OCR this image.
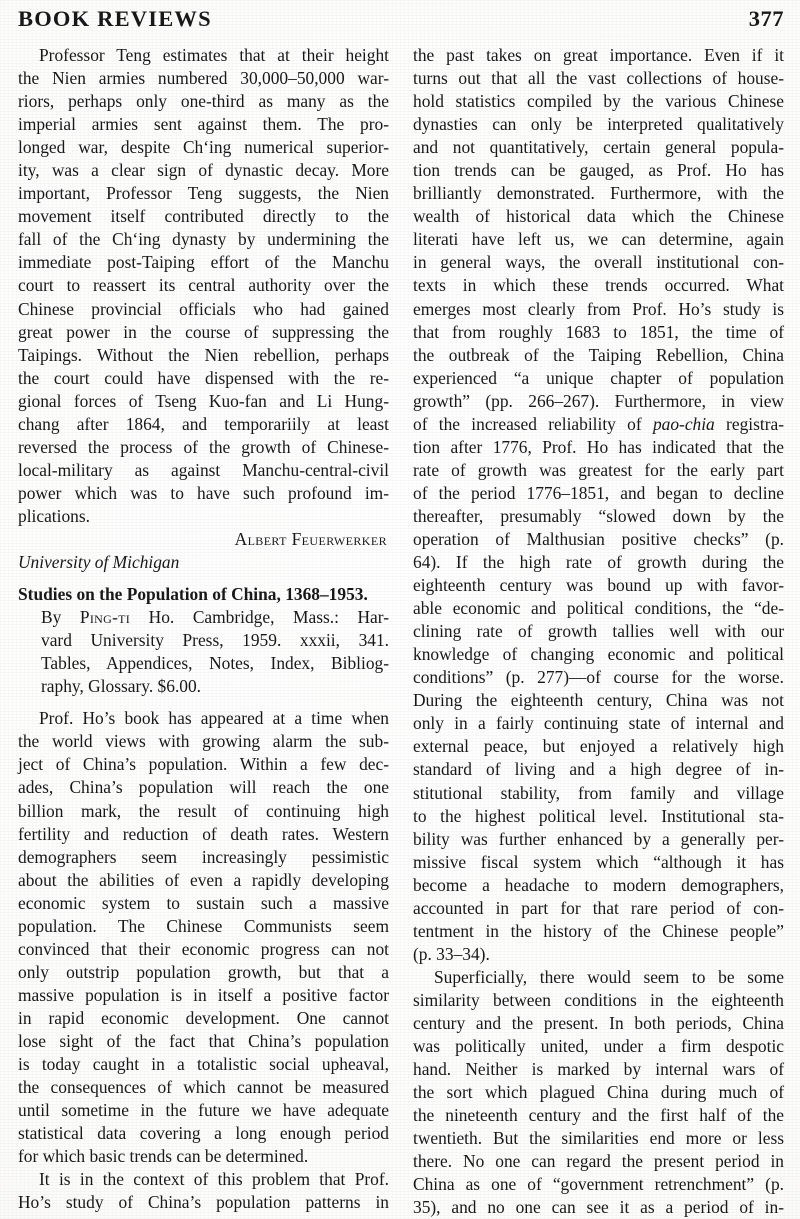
BOOK REVIEWS	377
Professor Teng estimates that at their height
the Nien armies numbered 30,000–50,000 war-
riors, perhaps only one-third as many as the
imperial armies sent against them. The pro-
longed war, despite Ch‘ing numerical superior-
ity, was a clear sign of dynastic decay. More
important, Professor Teng suggests, the Nien
movement itself contributed directly to the
fall of the Ch‘ing dynasty by undermining the
immediate post-Taiping effort of the Manchu
court to reassert its central authority over the
Chinese provincial officials who had gained
great power in the course of suppressing the
Taipings. Without the Nien rebellion, perhaps
the court could have dispensed with the re-
gional forces of Tseng Kuo-fan and Li Hung-
chang after 1864, and temporariily at least
reversed the process of the growth of Chinese-
local-military as against Manchu-central-civil
power which was to have such profound im-
plications.
Albert Feuerwerker
University of Michigan
Studies on the Population of China, 1368–1953.
By Ping-ti Ho. Cambridge, Mass.: Har-
vard University Press, 1959. xxxii, 341.
Tables, Appendices, Notes, Index, Bibliog-
raphy, Glossary. $6.00.
Prof. Ho’s book has appeared at a time when
the world views with growing alarm the sub-
ject of China’s population. Within a few dec-
ades, China’s population will reach the one
billion mark, the result of continuing high
fertility and reduction of death rates. Western
demographers seem increasingly pessimistic
about the abilities of even a rapidly developing
economic system to sustain such a massive
population. The Chinese Communists seem
convinced that their economic progress can not
only outstrip population growth, but that a
massive population is in itself a positive factor
in rapid economic development. One cannot
lose sight of the fact that China’s population
is today caught in a totalistic social upheaval,
the consequences of which cannot be measured
until sometime in the future we have adequate
statistical data covering a long enough period
for which basic trends can be determined.
It is in the context of this problem that Prof.
Ho’s study of China’s population patterns in
the past takes on great importance. Even if it
turns out that all the vast collections of house-
hold statistics compiled by the various Chinese
dynasties can only be interpreted qualitatively
and not quantitatively, certain general popula-
tion trends can be gauged, as Prof. Ho has
brilliantly demonstrated. Furthermore, with the
wealth of historical data which the Chinese
literati have left us, we can determine, again
in general ways, the overall institutional con-
texts in which these trends occurred. What
emerges most clearly from Prof. Ho’s study is
that from roughly 1683 to 1851, the time of
the outbreak of the Taiping Rebellion, China
experienced “a unique chapter of population
growth” (pp. 266–267). Furthermore, in view
of the increased reliability of pao-chia registra-
tion after 1776, Prof. Ho has indicated that the
rate of growth was greatest for the early part
of the period 1776–1851, and began to decline
thereafter, presumably “slowed down by the
operation of Malthusian positive checks” (p.
64). If the high rate of growth during the
eighteenth century was bound up with favor-
able economic and political conditions, the “de-
clining rate of growth tallies well with our
knowledge of changing economic and political
conditions” (p. 277)—of course for the worse.
During the eighteenth century, China was not
only in a fairly continuing state of internal and
external peace, but enjoyed a relatively high
standard of living and a high degree of in-
stitutional stability, from family and village
to the highest political level. Institutional sta-
bility was further enhanced by a generally per-
missive fiscal system which “although it has
become a headache to modern demographers,
accounted in part for that rare period of con-
tentment in the history of the Chinese people”
(p. 33–34).
Superficially, there would seem to be some
similarity between conditions in the eighteenth
century and the present. In both periods, China
was politically united, under a firm despotic
hand. Neither is marked by internal wars of
the sort which plagued China during much of
the nineteenth century and the first half of the
twentieth. But the similarities end more or less
there. No one can regard the present period in
China as one of “government retrenchment” (p.
35), and no one can see it as a period of in-
